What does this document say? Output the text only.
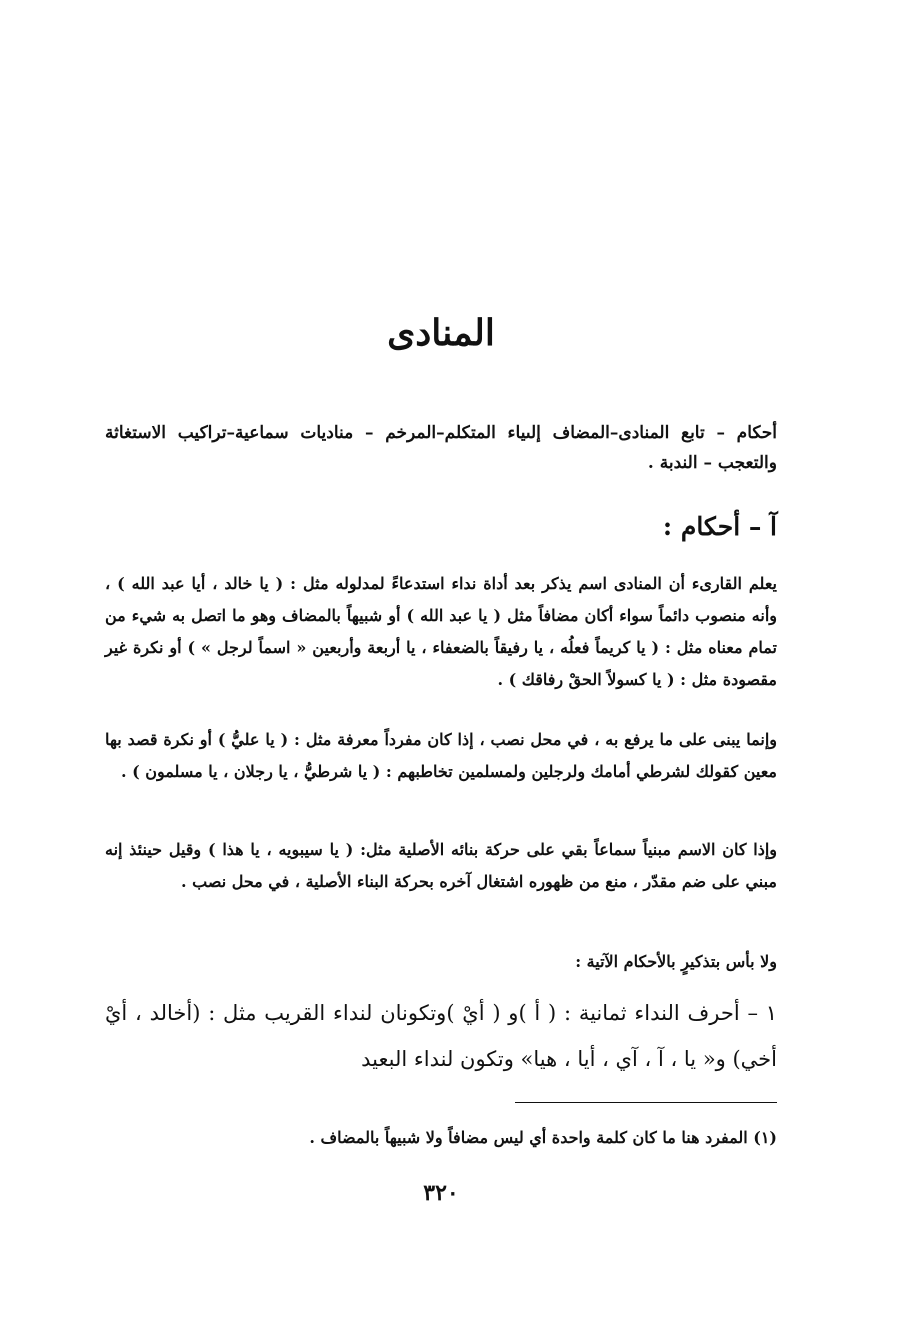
المنادى
أحكام – تابع المنادى–المضاف إلىياء المتكلم–المرخم – مناديات سماعية–تراكيب الاستغاثة والتعجب – الندبة .
آ – أحكام :
يعلم القارىء أن المنادى اسم يذكر بعد أداة نداء استدعاءً لمدلوله مثل : ( يا خالد ، أيا عبد الله ) ، وأنه منصوب دائماً سواء أكان مضافاً مثل ( يا عبد الله ) أو شبيهاً بالمضاف وهو ما اتصل به شيء من تمام معناه مثل : ( يا كريماً فعلُه ، يا رفيقاً بالضعفاء ، يا أربعة وأربعين « اسماً لرجل » ) أو نكرة غير مقصودة مثل : ( يا كسولاً الحقْ رفاقك ) .
وإنما يبنى على ما يرفع به ، في محل نصب ، إذا كان مفرداً معرفة مثل : ( يا عليُّ ) أو نكرة قصد بها معين كقولك لشرطي أمامك ولرجلين ولمسلمين تخاطبهم : ( يا شرطيُّ ، يا رجلان ، يا مسلمون ) .
وإذا كان الاسم مبنياً سماعاً بقي على حركة بنائه الأصلية مثل: ( يا سيبويه ، يا هذا ) وقيل حينئذ إنه مبني على ضم مقدّر ، منع من ظهوره اشتغال آخره بحركة البناء الأصلية ، في محل نصب .
ولا بأس بتذكيرٍ بالأحكام الآتية :
١ – أحرف النداء ثمانية : ( أ )و ( أيْ )وتكونان لنداء القريب مثل : (أخالد ، أيْ أخي) و« يا ، آ ، آي ، أيا ، هيا» وتكون لنداء البعيد
(١) المفرد هنا ما كان كلمة واحدة أي ليس مضافاً ولا شبيهاً بالمضاف .
٣٢٠
